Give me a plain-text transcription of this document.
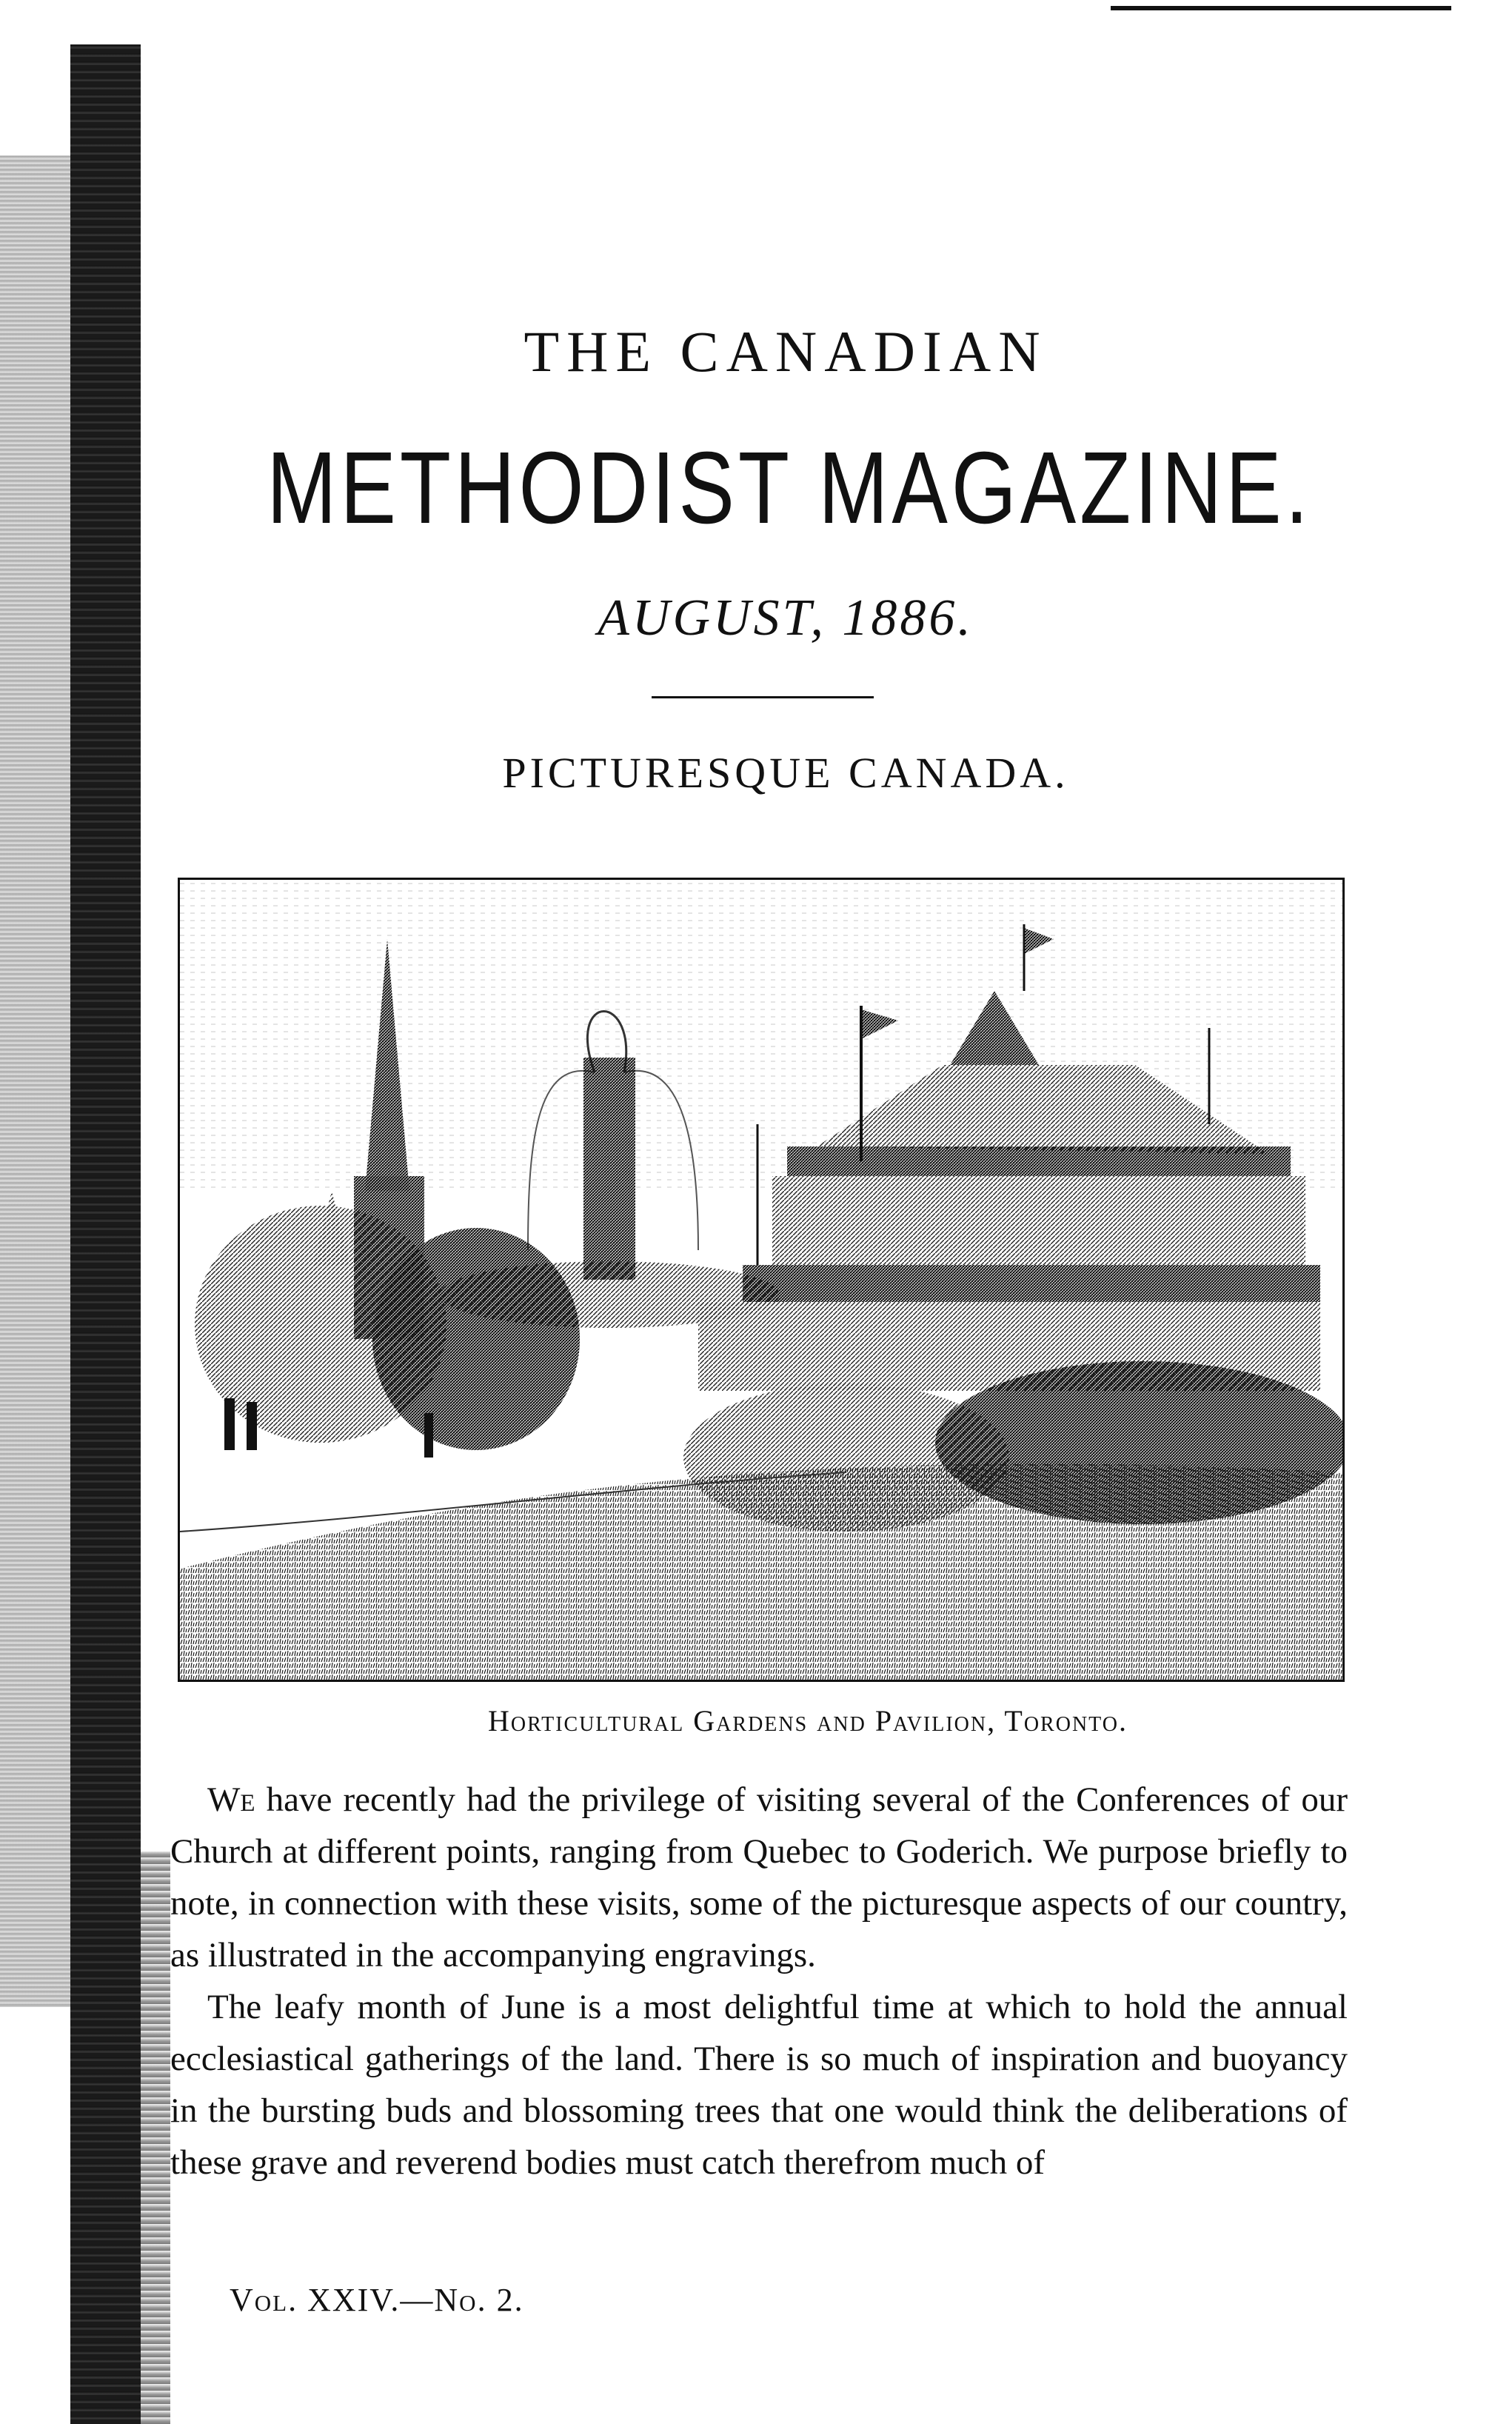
THE CANADIAN
METHODIST MAGAZINE.
AUGUST, 1886.
PICTURESQUE CANADA.
Horticultural Gardens and Pavilion, Toronto.

We have recently had the privilege of visiting several of the Conferences of our Church at different points, ranging from Quebec to Goderich. We purpose briefly to note, in connection with these visits, some of the picturesque aspects of our country, as illustrated in the accompanying engravings.

The leafy month of June is a most delightful time at which to hold the annual ecclesiastical gatherings of the land. There is so much of inspiration and buoyancy in the bursting buds and blossoming trees that one would think the deliberations of these grave and reverend bodies must catch therefrom much of

Vol. XXIV.—No. 2.
